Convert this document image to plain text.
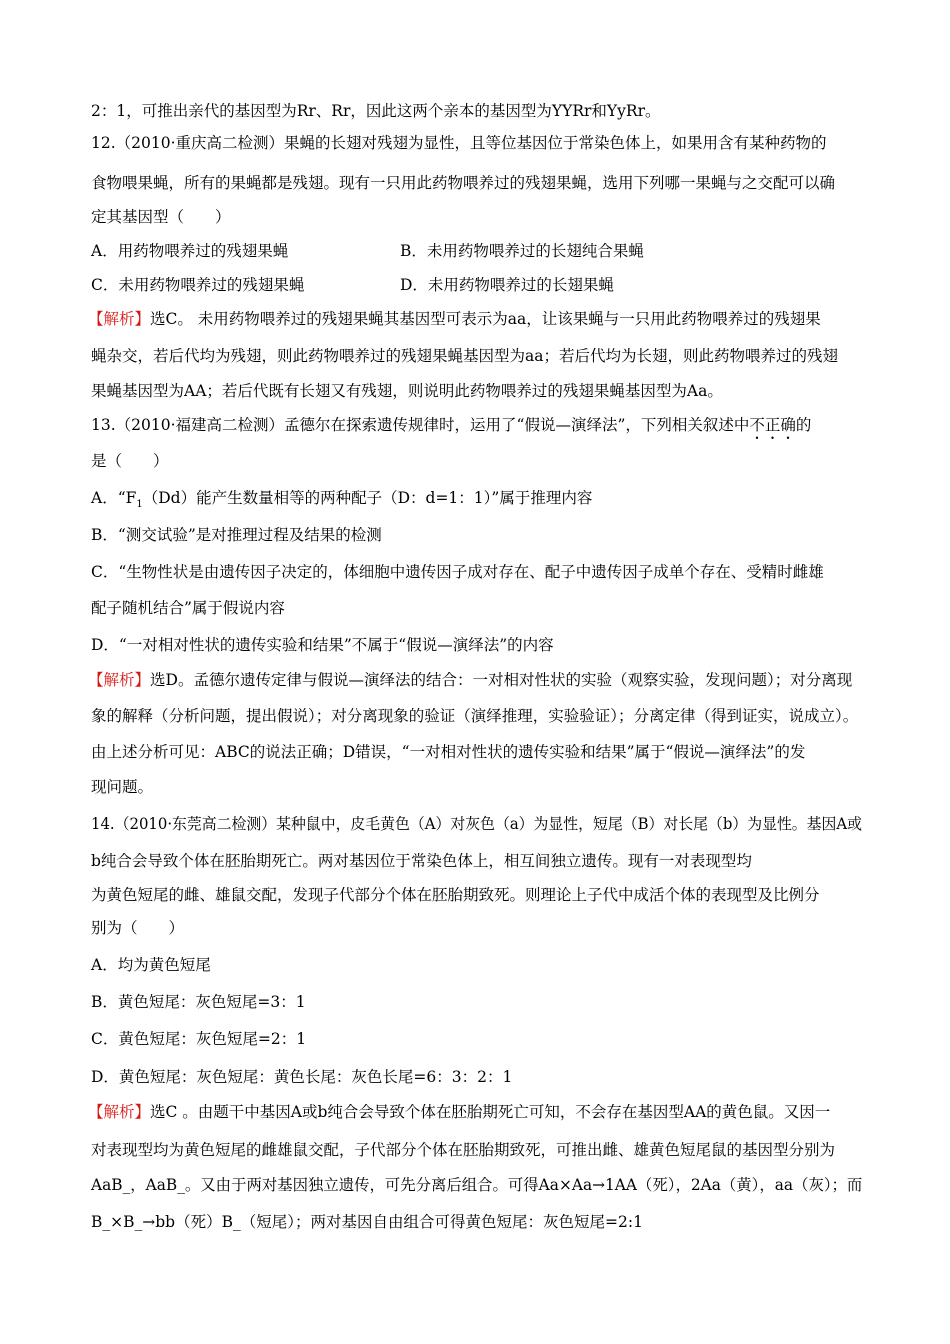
2：1，可推出亲代的基因型为Rr、Rr，因此这两个亲本的基因型为YYRr和YyRr。
12.（2010·重庆高二检测）果蝇的长翅对残翅为显性，且等位基因位于常染色体上，如果用含有某种药物的
食物喂果蝇，所有的果蝇都是残翅。现有一只用此药物喂养过的残翅果蝇，选用下列哪一果蝇与之交配可以确
定其基因型（　　）
A．用药物喂养过的残翅果蝇	B．未用药物喂养过的长翅纯合果蝇
C．未用药物喂养过的残翅果蝇	D．未用药物喂养过的长翅果蝇
【解析】选C。 未用药物喂养过的残翅果蝇其基因型可表示为aa，让该果蝇与一只用此药物喂养过的残翅果
蝇杂交，若后代均为残翅，则此药物喂养过的残翅果蝇基因型为aa；若后代均为长翅，则此药物喂养过的残翅
果蝇基因型为AA；若后代既有长翅又有残翅，则说明此药物喂养过的残翅果蝇基因型为Aa。
13.（2010·福建高二检测）孟德尔在探索遗传规律时，运用了“假说—演绎法”，下列相关叙述中不正确的
是（　　）
A．“$F_1(Dd)$能产生数量相等的两种配子（D：d=1：1）”属于推理内容
B．“测交试验”是对推理过程及结果的检测
C．“生物性状是由遗传因子决定的，体细胞中遗传因子成对存在、配子中遗传因子成单个存在、受精时雌雄
配子随机结合”属于假说内容
D．“一对相对性状的遗传实验和结果”不属于“假说—演绎法”的内容
【解析】选D。孟德尔遗传定律与假说—演绎法的结合：一对相对性状的实验（观察实验，发现问题）；对分离现
象的解释（分析问题，提出假说）；对分离现象的验证（演绎推理，实验验证）；分离定律（得到证实，说成立）。
由上述分析可见：ABC的说法正确；D错误，“一对相对性状的遗传实验和结果”属于“假说—演绎法”的发
现问题。
14.（2010·东莞高二检测）某种鼠中，皮毛黄色（A）对灰色（a）为显性，短尾（B）对长尾（b）为显性。基因A或
b纯合会导致个体在胚胎期死亡。两对基因位于常染色体上，相互间独立遗传。现有一对表现型均
为黄色短尾的雌、雄鼠交配，发现子代部分个体在胚胎期致死。则理论上子代中成活个体的表现型及比例分
别为（　　）
A．均为黄色短尾
B．黄色短尾：灰色短尾=3：1
C．黄色短尾：灰色短尾=2：1
D．黄色短尾：灰色短尾：黄色长尾：灰色长尾=6：3：2：1
【解析】选C 。由题干中基因A或b纯合会导致个体在胚胎期死亡可知，不会存在基因型AA的黄色鼠。又因一
对表现型均为黄色短尾的雌雄鼠交配，子代部分个体在胚胎期致死，可推出雌、雄黄色短尾鼠的基因型分别为
AaB_，AaB_。又由于两对基因独立遗传，可先分离后组合。可得Aa×Aa→1AA（死），2Aa（黄），aa（灰）；而
B_×B_→bb（死）B_（短尾）；两对基因自由组合可得黄色短尾：灰色短尾=2:1
